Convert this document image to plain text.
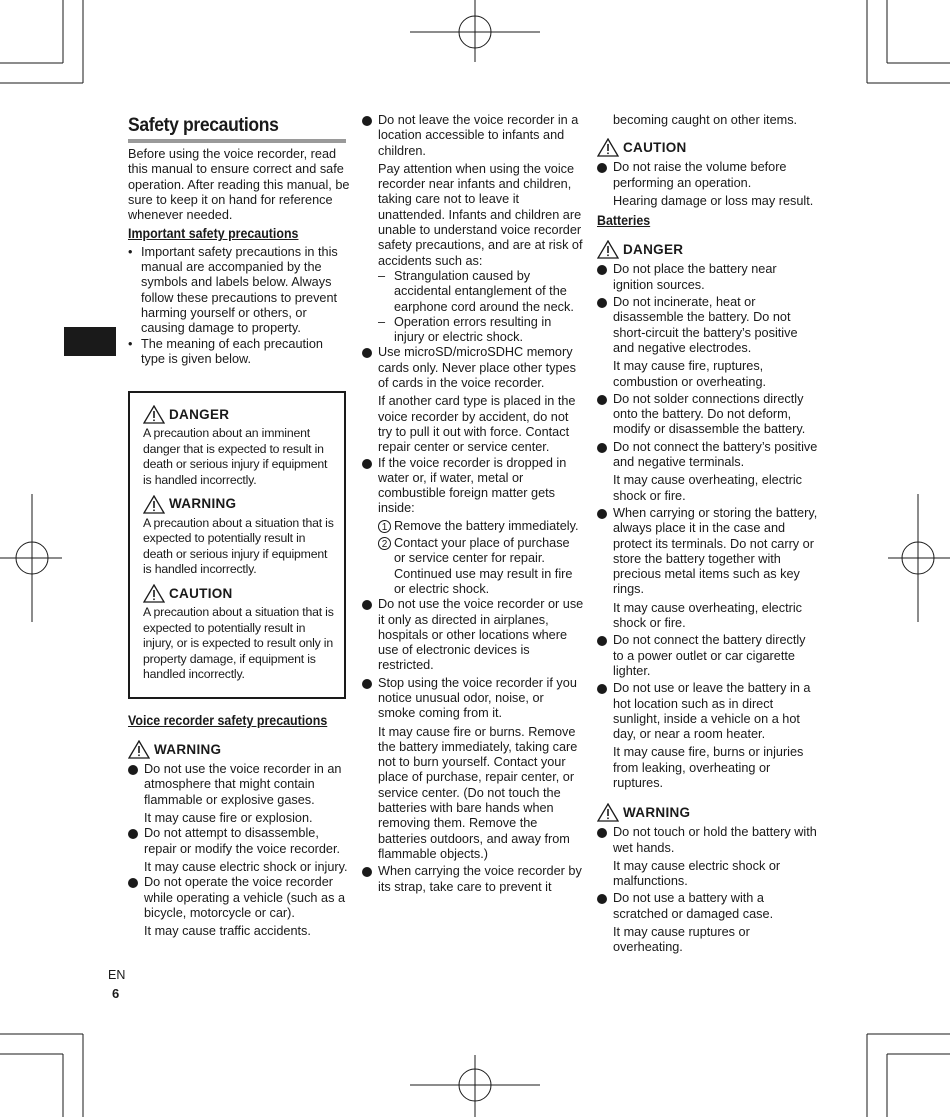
Safety precautions

Before using the voice recorder, read this manual to ensure correct and safe operation. After reading this manual, be sure to keep it on hand for reference whenever needed.

Important safety precautions
• Important safety precautions in this manual are accompanied by the symbols and labels below. Always follow these precautions to prevent harming yourself or others, or causing damage to property.
• The meaning of each precaution type is given below.
DANGER

A precaution about an imminent danger that is expected to result in death or serious injury if equipment is handled incorrectly.

WARNING

A precaution about a situation that is expected to potentially result in death or serious injury if equipment is handled incorrectly.

CAUTION

A precaution about a situation that is expected to potentially result in injury, or is expected to result only in property damage, if equipment is handled incorrectly.

Voice recorder safety precautions
WARNING
Do not use the voice recorder in an atmosphere that might contain flammable or explosive gases.

It may cause fire or explosion.

Do not attempt to disassemble, repair or modify the voice recorder.

It may cause electric shock or injury.

Do not operate the voice recorder while operating a vehicle (such as a bicycle, motorcycle or car).

It may cause traffic accidents.

Do not leave the voice recorder in a location accessible to infants and children.

Pay attention when using the voice recorder near infants and children, taking care not to leave it unattended. Infants and children are unable to understand voice recorder safety precautions, and are at risk of accidents such as:

– Strangulation caused by accidental entanglement of the earphone cord around the neck.
– Operation errors resulting in injury or electric shock.
Use microSD/microSDHC memory cards only. Never place other types of cards in the voice recorder.

If another card type is placed in the voice recorder by accident, do not try to pull it out with force. Contact repair center or service center.

If the voice recorder is dropped in water or, if water, metal or combustible foreign matter gets inside:
1 Remove the battery immediately.
2 Contact your place of purchase or service center for repair. Continued use may result in fire or electric shock.
Do not use the voice recorder or use it only as directed in airplanes, hospitals or other locations where use of electronic devices is restricted.
Stop using the voice recorder if you notice unusual odor, noise, or smoke coming from it.

It may cause fire or burns. Remove the battery immediately, taking care not to burn yourself. Contact your place of purchase, repair center, or service center. (Do not touch the batteries with bare hands when removing them. Remove the batteries outdoors, and away from flammable objects.)

When carrying the voice recorder by its strap, take care to prevent it

becoming caught on other items.

CAUTION
Do not raise the volume before performing an operation.

Hearing damage or loss may result.

Batteries
DANGER
Do not place the battery near ignition sources.
Do not incinerate, heat or disassemble the battery. Do not short-circuit the battery’s positive and negative electrodes.

It may cause fire, ruptures, combustion or overheating.

Do not solder connections directly onto the battery. Do not deform, modify or disassemble the battery.
Do not connect the battery’s positive and negative terminals.

It may cause overheating, electric shock or fire.

When carrying or storing the battery, always place it in the case and protect its terminals. Do not carry or store the battery together with precious metal items such as key rings.

It may cause overheating, electric shock or fire.

Do not connect the battery directly to a power outlet or car cigarette lighter.
Do not use or leave the battery in a hot location such as in direct sunlight, inside a vehicle on a hot day, or near a room heater.

It may cause fire, burns or injuries from leaking, overheating or ruptures.

WARNING
Do not touch or hold the battery with wet hands.

It may cause electric shock or malfunctions.

Do not use a battery with a scratched or damaged case.

It may cause ruptures or overheating.

EN
6
